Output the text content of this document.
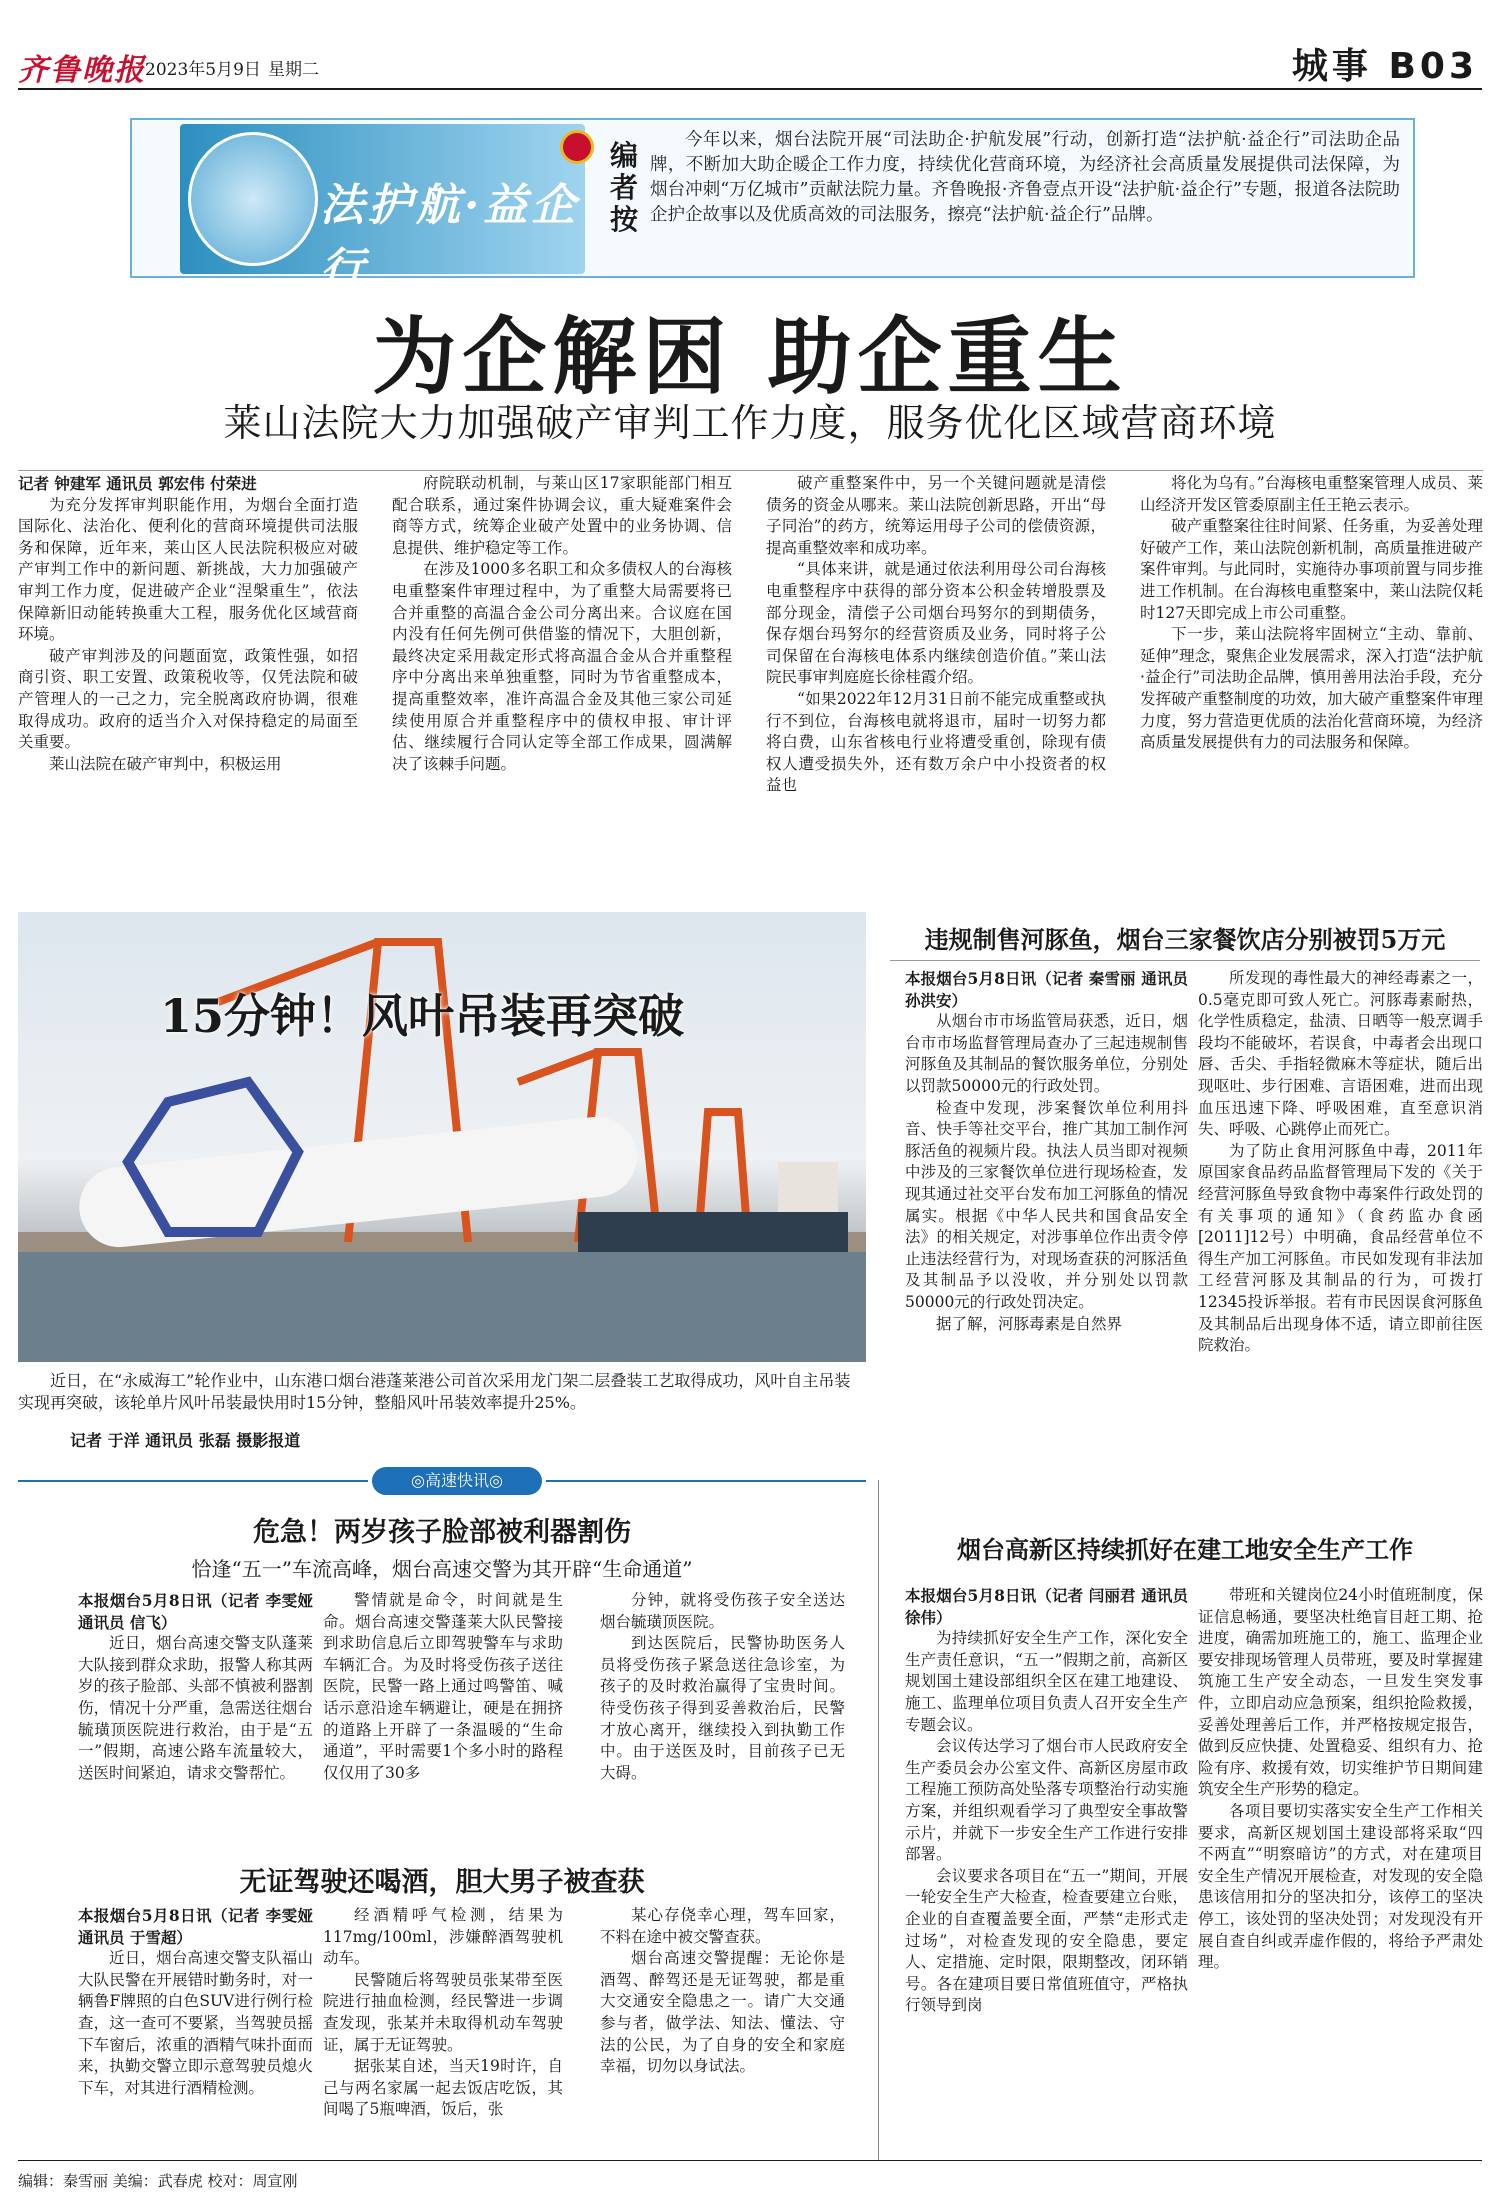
齐鲁晚报 2023年5月9日 星期二	城事 B03
法护航·益企行
编者按
今年以来，烟台法院开展“司法助企·护航发展”行动，创新打造“法护航·益企行”司法助企品牌，不断加大助企暖企工作力度，持续优化营商环境，为经济社会高质量发展提供司法保障，为烟台冲刺“万亿城市”贡献法院力量。齐鲁晚报·齐鲁壹点开设“法护航·益企行”专题，报道各法院助企护企故事以及优质高效的司法服务，擦亮“法护航·益企行”品牌。
为企解困 助企重生
莱山法院大力加强破产审判工作力度，服务优化区域营商环境

记者 钟建军 通讯员 郭宏伟 付荣进

为充分发挥审判职能作用，为烟台全面打造国际化、法治化、便利化的营商环境提供司法服务和保障，近年来，莱山区人民法院积极应对破产审判工作中的新问题、新挑战，大力加强破产审判工作力度，促进破产企业“涅槃重生”，依法保障新旧动能转换重大工程，服务优化区域营商环境。

破产审判涉及的问题面宽，政策性强，如招商引资、职工安置、政策税收等，仅凭法院和破产管理人的一己之力，完全脱离政府协调，很难取得成功。政府的适当介入对保持稳定的局面至关重要。

莱山法院在破产审判中，积极运用

府院联动机制，与莱山区17家职能部门相互配合联系，通过案件协调会议，重大疑难案件会商等方式，统筹企业破产处置中的业务协调、信息提供、维护稳定等工作。

在涉及1000多名职工和众多债权人的台海核电重整案件审理过程中，为了重整大局需要将已合并重整的高温合金公司分离出来。合议庭在国内没有任何先例可供借鉴的情况下，大胆创新，最终决定采用裁定形式将高温合金从合并重整程序中分离出来单独重整，同时为节省重整成本，提高重整效率，准许高温合金及其他三家公司延续使用原合并重整程序中的债权申报、审计评估、继续履行合同认定等全部工作成果，圆满解决了该棘手问题。

破产重整案件中，另一个关键问题就是清偿债务的资金从哪来。莱山法院创新思路，开出“母子同治”的药方，统筹运用母子公司的偿债资源，提高重整效率和成功率。

“具体来讲，就是通过依法利用母公司台海核电重整程序中获得的部分资本公积金转增股票及部分现金，清偿子公司烟台玛努尔的到期债务，保存烟台玛努尔的经营资质及业务，同时将子公司保留在台海核电体系内继续创造价值。”莱山法院民事审判庭庭长徐桂霞介绍。

“如果2022年12月31日前不能完成重整或执行不到位，台海核电就将退市，届时一切努力都将白费，山东省核电行业将遭受重创，除现有债权人遭受损失外，还有数万余户中小投资者的权益也

将化为乌有。”台海核电重整案管理人成员、莱山经济开发区管委原副主任王艳云表示。

破产重整案往往时间紧、任务重，为妥善处理好破产工作，莱山法院创新机制，高质量推进破产案件审判。与此同时，实施待办事项前置与同步推进工作机制。在台海核电重整案中，莱山法院仅耗时127天即完成上市公司重整。

下一步，莱山法院将牢固树立“主动、靠前、延伸”理念，聚焦企业发展需求，深入打造“法护航·益企行”司法助企品牌，慎用善用法治手段，充分发挥破产重整制度的功效，加大破产重整案件审理力度，努力营造更优质的法治化营商环境，为经济高质量发展提供有力的司法服务和保障。

15分钟！风叶吊装再突破
近日，在“永威海工”轮作业中，山东港口烟台港蓬莱港公司首次采用龙门架二层叠装工艺取得成功，风叶自主吊装实现再突破，该轮单片风叶吊装最快用时15分钟，整船风叶吊装效率提升25%。
记者 于洋 通讯员 张磊 摄影报道
违规制售河豚鱼，烟台三家餐饮店分别被罚5万元

本报烟台5月8日讯（记者 秦雪丽 通讯员 孙洪安）

从烟台市市场监管局获悉，近日，烟台市市场监督管理局查办了三起违规制售河豚鱼及其制品的餐饮服务单位，分别处以罚款50000元的行政处罚。

检查中发现，涉案餐饮单位利用抖音、快手等社交平台，推广其加工制作河豚活鱼的视频片段。执法人员当即对视频中涉及的三家餐饮单位进行现场检查，发现其通过社交平台发布加工河豚鱼的情况属实。根据《中华人民共和国食品安全法》的相关规定，对涉事单位作出责令停止违法经营行为，对现场查获的河豚活鱼及其制品予以没收，并分别处以罚款50000元的行政处罚决定。

据了解，河豚毒素是自然界

所发现的毒性最大的神经毒素之一，0.5毫克即可致人死亡。河豚毒素耐热，化学性质稳定，盐渍、日晒等一般烹调手段均不能破坏，若误食，中毒者会出现口唇、舌尖、手指轻微麻木等症状，随后出现呕吐、步行困难、言语困难，进而出现血压迅速下降、呼吸困难，直至意识消失、呼吸、心跳停止而死亡。

为了防止食用河豚鱼中毒，2011年原国家食品药品监督管理局下发的《关于经营河豚鱼导致食物中毒案件行政处罚的有关事项的通知》（食药监办食函[2011]12号）中明确，食品经营单位不得生产加工河豚鱼。市民如发现有非法加工经营河豚及其制品的行为，可拨打12345投诉举报。若有市民因误食河豚鱼及其制品后出现身体不适，请立即前往医院救治。

◎高速快讯◎
危急！两岁孩子脸部被利器割伤
恰逢“五一”车流高峰，烟台高速交警为其开辟“生命通道”

本报烟台5月8日讯（记者 李雯娅 通讯员 信飞）

近日，烟台高速交警支队蓬莱大队接到群众求助，报警人称其两岁的孩子脸部、头部不慎被利器割伤，情况十分严重，急需送往烟台毓璜顶医院进行救治，由于是“五一”假期，高速公路车流量较大，送医时间紧迫，请求交警帮忙。

警情就是命令，时间就是生命。烟台高速交警蓬莱大队民警接到求助信息后立即驾驶警车与求助车辆汇合。为及时将受伤孩子送往医院，民警一路上通过鸣警笛、喊话示意沿途车辆避让，硬是在拥挤的道路上开辟了一条温暖的“生命通道”，平时需要1个多小时的路程仅仅用了30多

分钟，就将受伤孩子安全送达烟台毓璜顶医院。

到达医院后，民警协助医务人员将受伤孩子紧急送往急诊室，为孩子的及时救治赢得了宝贵时间。待受伤孩子得到妥善救治后，民警才放心离开，继续投入到执勤工作中。由于送医及时，目前孩子已无大碍。

无证驾驶还喝酒，胆大男子被查获

本报烟台5月8日讯（记者 李雯娅 通讯员 于雪超）

近日，烟台高速交警支队福山大队民警在开展错时勤务时，对一辆鲁F牌照的白色SUV进行例行检查，这一查可不要紧，当驾驶员摇下车窗后，浓重的酒精气味扑面而来，执勤交警立即示意驾驶员熄火下车，对其进行酒精检测。

经酒精呼气检测，结果为117mg/100ml，涉嫌醉酒驾驶机动车。

民警随后将驾驶员张某带至医院进行抽血检测，经民警进一步调查发现，张某并未取得机动车驾驶证，属于无证驾驶。

据张某自述，当天19时许，自己与两名家属一起去饭店吃饭，其间喝了5瓶啤酒，饭后，张

某心存侥幸心理，驾车回家，不料在途中被交警查获。

烟台高速交警提醒：无论你是酒驾、醉驾还是无证驾驶，都是重大交通安全隐患之一。请广大交通参与者，做学法、知法、懂法、守法的公民，为了自身的安全和家庭幸福，切勿以身试法。

烟台高新区持续抓好在建工地安全生产工作

本报烟台5月8日讯（记者 闫丽君 通讯员 徐伟）

为持续抓好安全生产工作，深化安全生产责任意识，“五一”假期之前，高新区规划国土建设部组织全区在建工地建设、施工、监理单位项目负责人召开安全生产专题会议。

会议传达学习了烟台市人民政府安全生产委员会办公室文件、高新区房屋市政工程施工预防高处坠落专项整治行动实施方案，并组织观看学习了典型安全事故警示片，并就下一步安全生产工作进行安排部署。

会议要求各项目在“五一”期间，开展一轮安全生产大检查，检查要建立台账，企业的自查覆盖要全面，严禁“走形式走过场”，对检查发现的安全隐患，要定人、定措施、定时限，限期整改，闭环销号。各在建项目要日常值班值守，严格执行领导到岗

带班和关键岗位24小时值班制度，保证信息畅通，要坚决杜绝盲目赶工期、抢进度，确需加班施工的，施工、监理企业要安排现场管理人员带班，要及时掌握建筑施工生产安全动态，一旦发生突发事件，立即启动应急预案，组织抢险救援，妥善处理善后工作，并严格按规定报告，做到反应快捷、处置稳妥、组织有力、抢险有序、救援有效，切实维护节日期间建筑安全生产形势的稳定。

各项目要切实落实安全生产工作相关要求，高新区规划国土建设部将采取“四不两直”“明察暗访”的方式，对在建项目安全生产情况开展检查，对发现的安全隐患该信用扣分的坚决扣分，该停工的坚决停工，该处罚的坚决处罚；对发现没有开展自查自纠或弄虚作假的，将给予严肃处理。

编辑：秦雪丽 美编：武春虎 校对：周宣刚
